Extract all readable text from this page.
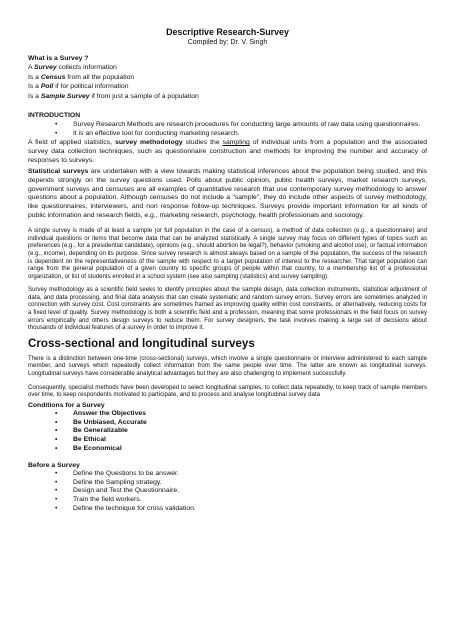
Descriptive Research-Survey

Compiled by: Dr. V. Singh

What is a Survey ?

A Survey collects information

Is a Census from all the population

Is a Poll if for political information

Is a Sample Survey if from just a sample of a population

INTRODUCTION

• Survey Research Methods are research procedures for conducting large amounts of raw data using questionnaires.
• It is an effective tool for conducting marketing research.

A field of applied statistics, survey methodology studies the sampling of individual units from a population and the associated survey data collection techniques, such as questionnaire construction and methods for improving the number and accuracy of responses to surveys.

Statistical surveys are undertaken with a view towards making statistical inferences about the population being studied, and this depends strongly on the survey questions used. Polls about public opinion, public health surveys, market research surveys, government surveys and censuses are all examples of quantitative research that use contemporary survey methodology to answer questions about a population. Although censuses do not include a "sample", they do include other aspects of survey methodology, like questionnaires, interviewers, and non response follow-up techniques. Surveys provide important information for all kinds of public information and research fields, e.g., marketing research, psychology, health professionals and sociology.

A single survey is made of at least a sample (or full population in the case of a census), a method of data collection (e.g., a questionnaire) and individual questions or items that become data that can be analyzed statistically. A single survey may focus on different types of topics such as preferences (e.g., for a presidential candidate), opinions (e.g., should abortion be legal?), behavior (smoking and alcohol use), or factual information (e.g., income), depending on its purpose. Since survey research is almost always based on a sample of the population, the success of the research is dependent on the representativeness of the sample with respect to a target population of interest to the researcher. That target population can range from the general population of a given country to specific groups of people within that country, to a membership list of a professional organization, or list of students enrolled in a school system (see also sampling (statistics) and survey sampling).

Survey methodology as a scientific field seeks to identify principles about the sample design, data collection instruments, statistical adjustment of data, and data processing, and final data analysis that can create systematic and random survey errors. Survey errors are sometimes analyzed in connection with survey cost. Cost constraints are sometimes framed as improving quality within cost constraints, or alternatively, reducing costs for a fixed level of quality. Survey methodology is both a scientific field and a profession, meaning that some professionals in the field focus on survey errors empirically and others design surveys to reduce them. For survey designers, the task involves making a large set of decisions about thousands of individual features of a survey in order to improve it.

Cross-sectional and longitudinal surveys

There is a distinction between one-time (cross-sectional) surveys, which involve a single questionnaire or interview administered to each sample member, and surveys which repeatedly collect information from the same people over time. The latter are known as longitudinal surveys. Longitudinal surveys have considerable analytical advantages but they are also challenging to implement successfully.

Consequently, specialist methods have been developed to select longitudinal samples, to collect data repeatedly, to keep track of sample members over time, to keep respondents motivated to participate, and to process and analyse longitudinal survey data

Conditions for a Survey

• Answer the Objectives
• Be Unbiased, Accurate
• Be Generalizable
• Be Ethical
• Be Economical

Before a Survey

• Define the Questions to be answer.
• Define the Sampling strategy.
• Design and Test the Questionnaire.
• Train the field workers.
• Define the technique for cross validation.
